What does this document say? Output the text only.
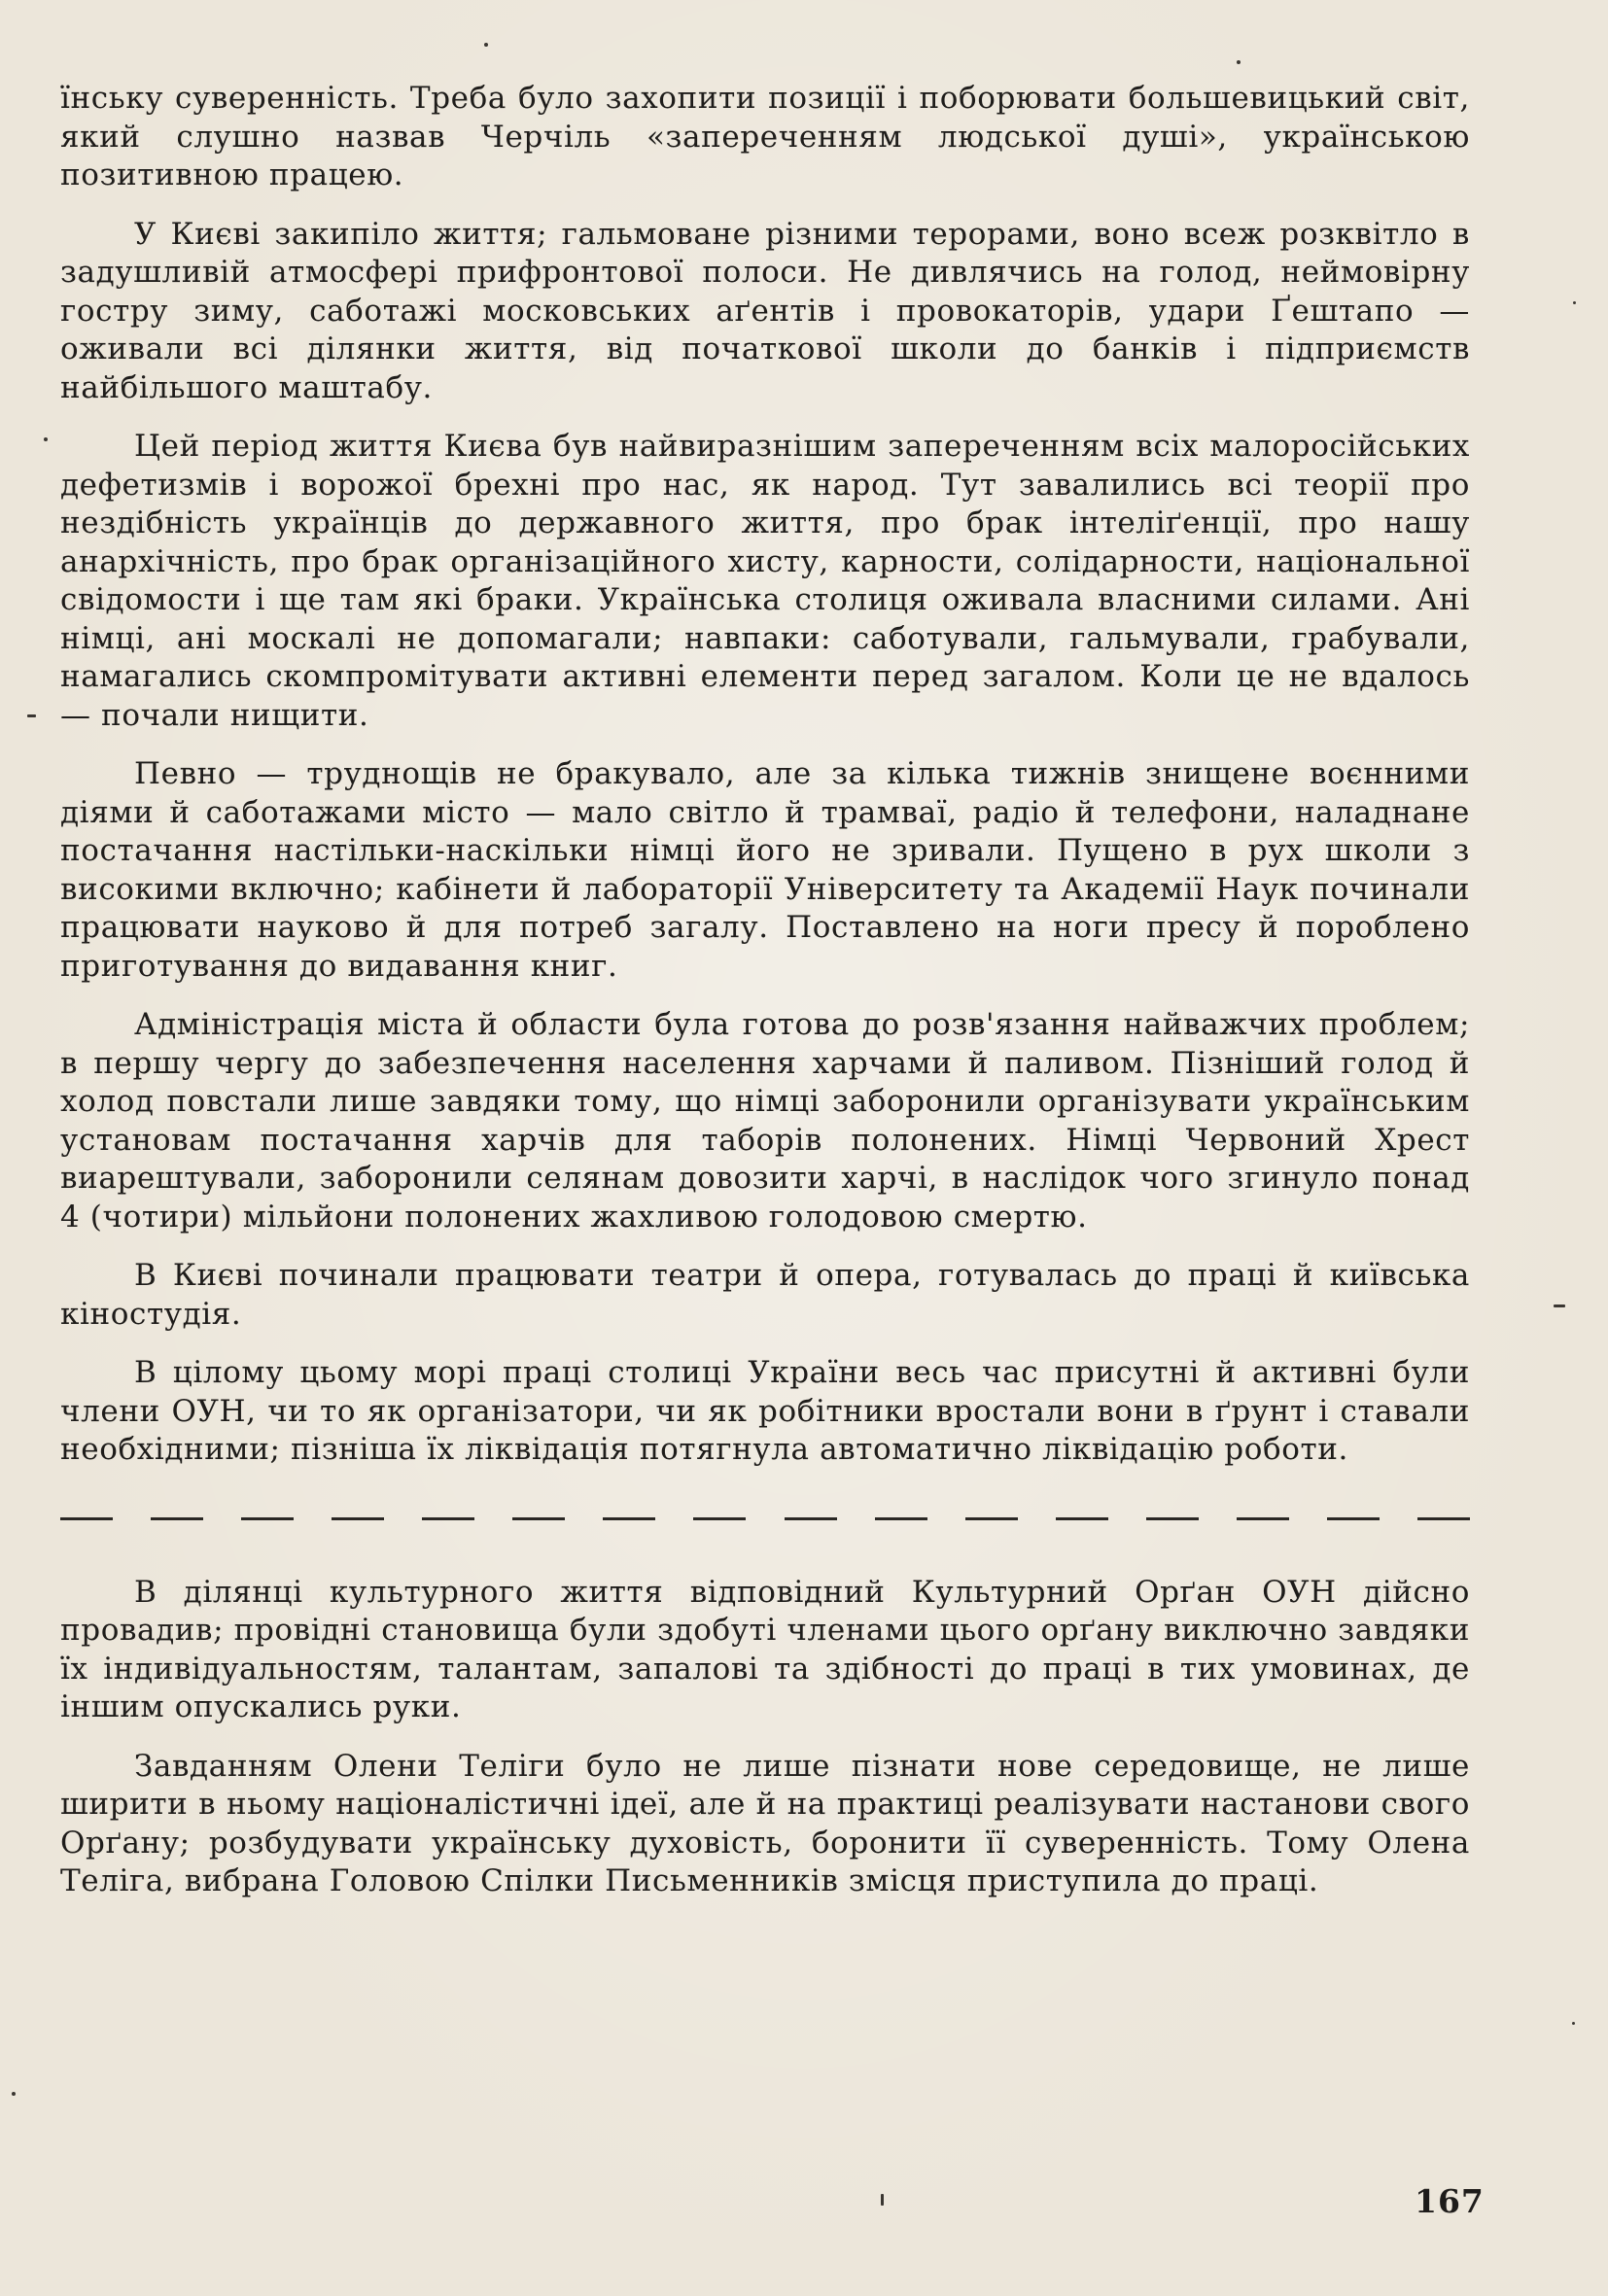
їнську суверенність. Треба було захопити позиції і поборювати большевицький світ, який слушно назвав Черчіль «запереченням людської душі», українською позитивною працею.

У Києві закипіло життя; гальмоване різними терорами, воно всеж розквітло в задушливій атмосфері прифронтової полоси. Не дивлячись на голод, неймовірну гостру зиму, саботажі московських аґентів і провокаторів, удари Ґештапо — оживали всі ділянки життя, від початкової школи до банків і підприємств найбільшого маштабу.

Цей період життя Києва був найвиразнішим запереченням всіх малоросійських дефетизмів і ворожої брехні про нас, як народ. Тут завалились всі теорії про нездібність українців до державного життя, про брак інтеліґенції, про нашу анархічність, про брак організаційного хисту, карности, солідарности, національної свідомости і ще там які браки. Українська столиця оживала власними силами. Ані німці, ані москалі не допомагали; навпаки: саботували, гальмували, грабували, намагались скомпромітувати активні елементи перед загалом. Коли це не вдалось — почали нищити.

Певно — труднощів не бракувало, але за кілька тижнів знищене воєнними діями й саботажами місто — мало світло й трамваї, радіо й телефони, наладнане постачання настільки-наскільки німці його не зривали. Пущено в рух школи з високими включно; кабінети й лабораторії Університету та Академії Наук починали працювати науково й для потреб загалу. Поставлено на ноги пресу й пороблено приготування до видавання книг.

Адміністрація міста й области була готова до розв'язання найважчих проблем; в першу чергу до забезпечення населення харчами й паливом. Пізніший голод й холод повстали лише завдяки тому, що німці заборонили організувати українським установам постачання харчів для таборів полонених. Німці Червоний Хрест виарештували, заборонили селянам довозити харчі, в наслідок чого згинуло понад 4 (чотири) мільйони полонених жахливою голодовою смертю.

В Києві починали працювати театри й опера, готувалась до праці й київська кіностудія.

В цілому цьому морі праці столиці України весь час присутні й активні були члени ОУН, чи то як організатори, чи як робітники вростали вони в ґрунт і ставали необхідними; пізніша їх ліквідація потягнула автоматично ліквідацію роботи.

В ділянці культурного життя відповідний Культурний Орґан ОУН дійсно провадив; провідні становища були здобуті членами цього орґану виключно завдяки їх індивідуальностям, талантам, запалові та здібності до праці в тих умовинах, де іншим опускались руки.

Завданням Олени Теліги було не лише пізнати нове середовище, не лише ширити в ньому націоналістичні ідеї, але й на практиці реалізувати настанови свого Орґану; розбудувати українську духовість, боронити її суверенність. Тому Олена Теліга, вибрана Головою Спілки Письменників змісця приступила до праці.

167
